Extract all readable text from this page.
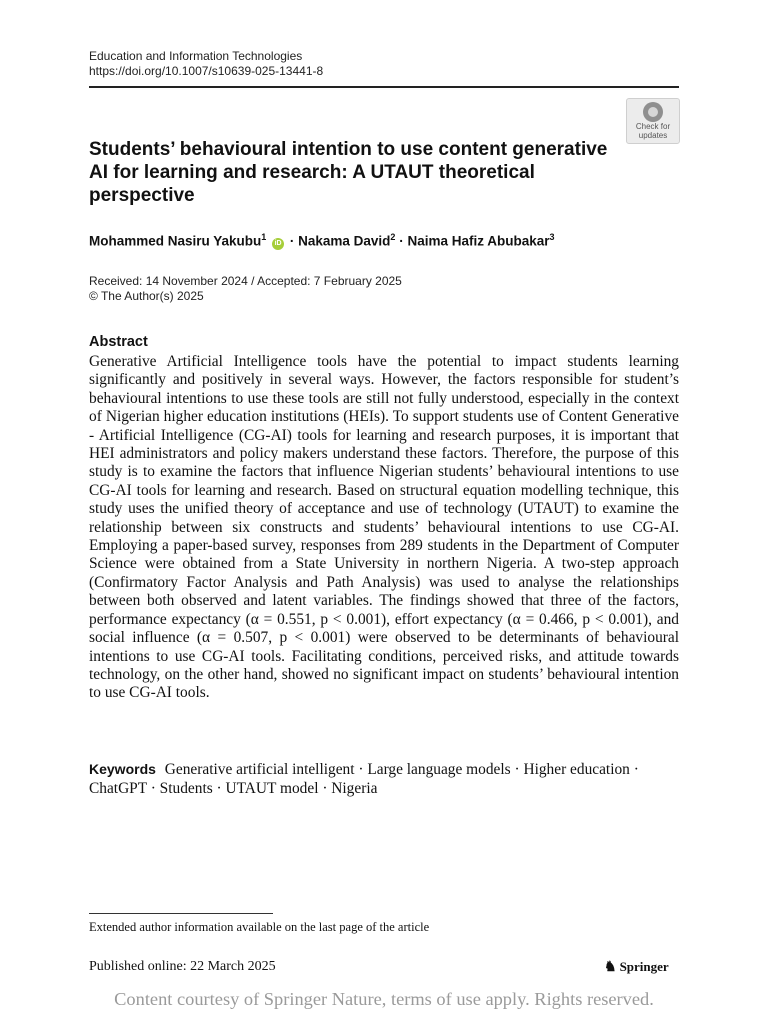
Education and Information Technologies
https://doi.org/10.1007/s10639-025-13441-8
Check for
updates
Students’ behavioural intention to use content generative AI for learning and research: A UTAUT theoretical perspective
Mohammed Nasiru Yakubu$^1$ iD · Nakama David$^2$ · Naima Hafiz Abubakar$^3$
Received: 14 November 2024 / Accepted: 7 February 2025
© The Author(s) 2025
Abstract

Generative Artificial Intelligence tools have the potential to impact students learning significantly and positively in several ways. However, the factors responsible for student’s behavioural intentions to use these tools are still not fully understood, especially in the context of Nigerian higher education institutions (HEIs). To support students use of Content Generative - Artificial Intelligence (CG-AI) tools for learning and research purposes, it is important that HEI administrators and policy makers understand these factors. Therefore, the purpose of this study is to examine the factors that influence Nigerian students’ behavioural intentions to use CG-AI tools for learning and research. Based on structural equation modelling technique, this study uses the unified theory of acceptance and use of technology (UTAUT) to examine the relationship between six constructs and students’ behavioural intentions to use CG-AI. Employing a paper-based survey, responses from 289 students in the Department of Computer Science were obtained from a State University in northern Nigeria. A two-step approach (Confirmatory Factor Analysis and Path Analysis) was used to analyse the relationships between both observed and latent variables. The findings showed that three of the factors, performance expectancy (α = 0.551, p < 0.001), effort expectancy (α = 0.466, p < 0.001), and social influence (α = 0.507, p < 0.001) were observed to be determinants of behavioural intentions to use CG-AI tools. Facilitating conditions, perceived risks, and attitude towards technology, on the other hand, showed no significant impact on students’ behavioural intention to use CG-AI tools.

Keywords Generative artificial intelligent · Large language models · Higher education · ChatGPT · Students · UTAUT model · Nigeria

Extended author information available on the last page of the article
Published online: 22 March 2025	♞ Springer
Content courtesy of Springer Nature, terms of use apply. Rights reserved.
